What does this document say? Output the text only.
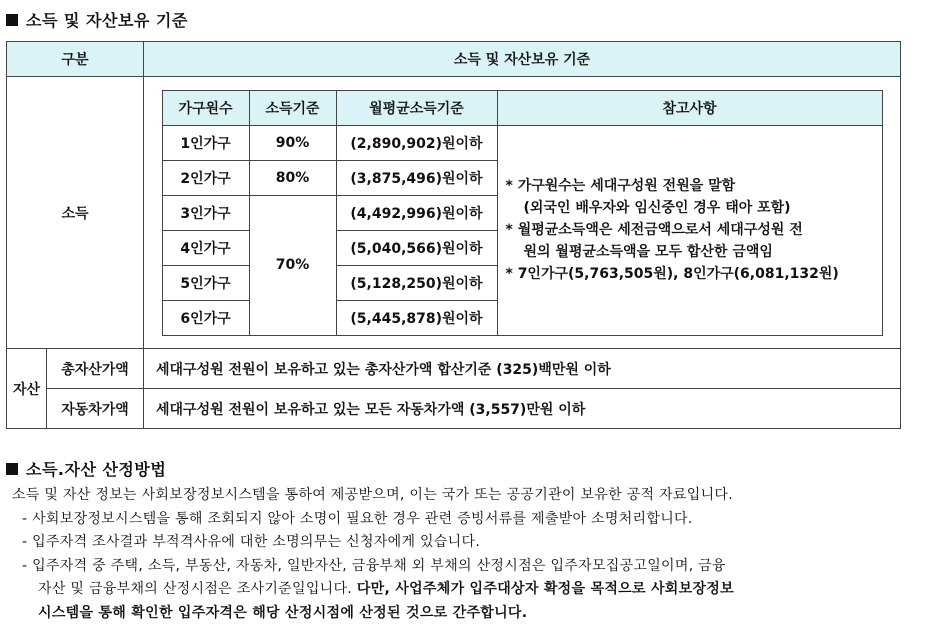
소득 및 자산보유 기준
구분	소득 및 자산보유 기준
소득	
가구원수	소득기준	월평균소득기준	참고사항
1인가구	90%	(2,890,902)원이하	
* 가구원수는 세대구성원 전원을 말함
(외국인 배우자와 임신중인 경우 태아 포함)
* 월평균소득액은 세전금액으로서 세대구성원 전
원의 월평균소득액을 모두 합산한 금액임
* 7인가구(5,763,505원), 8인가구(6,081,132원)

2인가구	80%	(3,875,496)원이하
3인가구	70%	(4,492,996)원이하
4인가구	(5,040,566)원이하
5인가구	(5,128,250)원이하
6인가구	(5,445,878)원이하

자산	총자산가액	세대구성원 전원이 보유하고 있는 총자산가액 합산기준 (325)백만원 이하
자동차가액	세대구성원 전원이 보유하고 있는 모든 자동차가액 (3,557)만원 이하
소득.자산 산정방법
소득 및 자산 정보는 사회보장정보시스템을 통하여 제공받으며, 이는 국가 또는 공공기관이 보유한 공적 자료입니다.
- 사회보장정보시스템을 통해 조회되지 않아 소명이 필요한 경우 관련 증빙서류를 제출받아 소명처리합니다.
- 입주자격 조사결과 부적격사유에 대한 소명의무는 신청자에게 있습니다.
- 입주자격 중 주택, 소득, 부동산, 자동차, 일반자산, 금융부채 외 부채의 산정시점은 입주자모집공고일이며, 금융
자산 및 금융부채의 산정시점은 조사기준일입니다. 다만, 사업주체가 입주대상자 확정을 목적으로 사회보장정보
시스템을 통해 확인한 입주자격은 해당 산정시점에 산정된 것으로 간주합니다.
